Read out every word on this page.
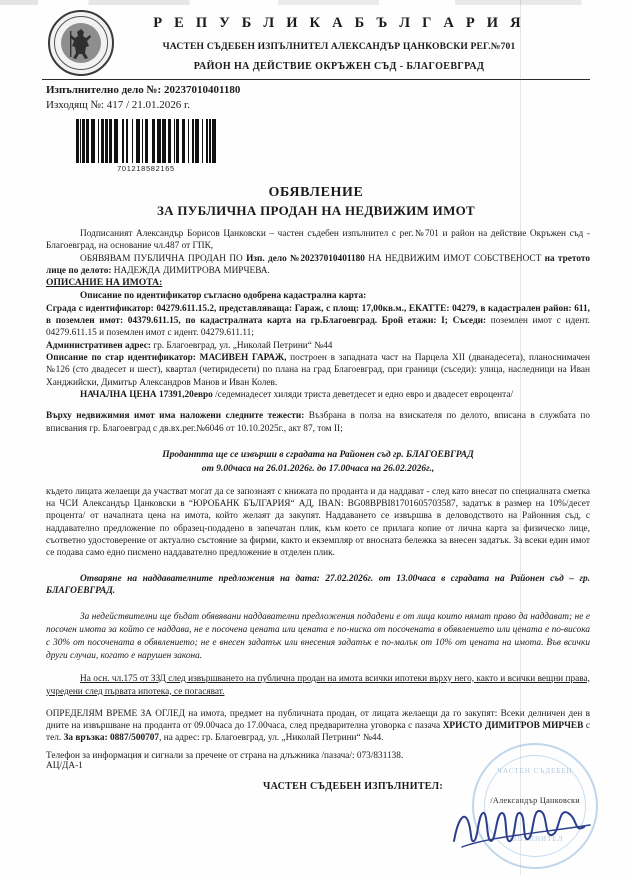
Р Е П У Б Л И К А Б Ъ Л Г А Р И Я
ЧАСТЕН СЪДЕБЕН ИЗПЪЛНИТЕЛ АЛЕКСАНДЪР ЦАНКОВСКИ РЕГ.№701
РАЙОН НА ДЕЙСТВИЕ ОКРЪЖЕН СЪД - БЛАГОЕВГРАД
Изпълнително дело №: 20237010401180
Изходящ №: 417 / 21.01.2026 г.
701218582165
ОБЯВЛЕНИЕ
ЗА ПУБЛИЧНА ПРОДАН НА НЕДВИЖИМ ИМОТ

Подписаният Александър Борисов Цанковски – частен съдебен изпълнител с рег.№701 и район на действие Окръжен съд - Благоевград, на основание чл.487 от ГПК,

ОБЯВЯВАМ ПУБЛИЧНА ПРОДАН ПО Изп. дело №20237010401180 НА НЕДВИЖИМ ИМОТ СОБСТВЕНОСТ на третото лице по делото: НАДЕЖДА ДИМИТРОВА МИРЧЕВА.

ОПИСАНИЕ НА ИМОТА:

Описание по идентификатор съгласно одобрена кадастрална карта:

Сграда с идентификатор: 04279.611.15.2, представляваща: Гараж, с площ: 17,00кв.м., ЕКАТТЕ: 04279, в кадастрален район: 611, в поземлен имот: 04379.611.15, по кадастралната карта на гр.Благоевград. Брой етажи: I; Съседи: поземлен имот с идент. 04279.611.15 и поземлен имот с идент. 04279.611.11;

Административен адрес: гр. Благоевград, ул. „Николай Петрини“ №44

Описание по стар идентификатор: МАСИВЕН ГАРАЖ, построен в западната част на Парцела XII (дванадесета), планоснимачен №126 (сто двадесет и шест), квартал (четиридесети) по плана на град Благоевград, при граници (съседи): улица, наследници на Иван Ханджийски, Димитър Александров Манов и Иван Колев.

НАЧАЛНА ЦЕНА 17391,20евро /седемнадесет хиляди триста деветдесет и едно евро и двадесет евроцента/

Върху недвижимия имот има наложени следните тежести: Възбрана в полза на взискателя по делото, вписана в службата по вписвания гр. Благоевград с дв.вх.рег.№6046 от 10.10.2025г., акт 87, том II;

Продантта ще се извърши в сградата на Районен съд гр. БЛАГОЕВГРАД
от 9.00часа на 26.01.2026г. до 17.00часа на 26.02.2026г.,

където лицата желаещи да участват могат да се запознаят с книжата по проданта и да наддават - след като внесат по специалната сметка на ЧСИ Александър Цанковски в “ЮРОБАНК БЪЛГАРИЯ“ АД, IBAN: BG08BPBI81701605703587, задатък в размер на 10%/десет процента/ от началната цена на имота, който желаят да закупят. Наддаването се извършва в деловодството на Районния съд, с наддавателно предложение по образец-подадено в запечатан плик, към което се прилага копие от лична карта за физическо лице, съответно удостоверение от актуално състояние за фирми, както и екземпляр от вносната бележка за внесен задатък. За всеки един имот се подава само едно писмено наддавателно предложение в отделен плик.

Отваряне на наддавателните предложения на дата: 27.02.2026г. от 13.00часа в сградата на Районен съд – гр. БЛАГОЕВГРАД.

За недействителни ще бъдат обявявани наддавателни предложения подадени е от лица които нямат право да наддават; не е посочен имота за който се наддава, не е посочена цената или цената е по-ниска от посочената в обявлението или цената е по-висока с 30% от посочената в обявлението; не е внесен задатък или внесения задатък е по-малък от 10% от цената на имота. Във всички други случаи, когато е нарушен закона.

На осн. чл.175 от ЗЗД след извършването на публична продан на имота всички ипотеки върху него, както и всички вещни права, учредени след първата ипотека, се погасяват.

ОПРЕДЕЛЯМ ВРЕМЕ ЗА ОГЛЕД на имота, предмет на публичната продан, от лицата желаещи да го закупят: Всеки делничен ден в дните на извършване на проданта от 09.00часа до 17.00часа, след предварителна уговорка с пазача ХРИСТО ДИМИТРОВ МИРЧЕВ с тел. За връзка: 0887/500707, на адрес: гр. Благоевград, ул. „Николай Петрини“ №44.

Телефон за информация и сигнали за пречене от страна на длъжника /пазача/: 073/831138.
АЦ/ДА-1
ЧАСТЕН СЪДЕБЕН ИЗПЪЛНИТЕЛ:
/Александър Цанковски
ЧАСТЕН СЪДЕБЕН
ИЗПЪЛНИТЕЛ
